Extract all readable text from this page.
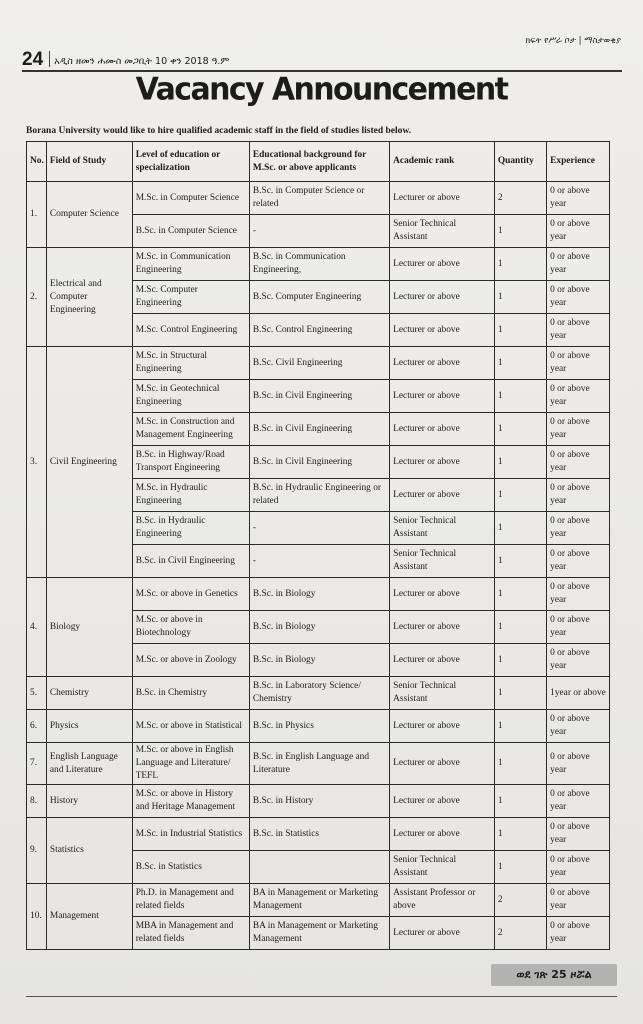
ክፍት የሥራ ቦታ | ማስታወቂያ
24	አዲስ ዘመን ሐሙስ መጋቢት 10 ቀን 2018 ዓ.ም
Vacancy Announcement
Borana University would like to hire qualified academic staff in the field of studies listed below.
No.	Field of Study	Level of education or specialization	Educational background for M.Sc. or above applicants	Academic rank	Quantity	Experience
1.	Computer Science	M.Sc. in Computer Science	B.Sc. in Computer Science or related	Lecturer or above	2	0 or above year
		B.Sc. in Computer Science	-	Senior Technical Assistant	1	0 or above year
2.	Electrical and Computer Engineering	M.Sc. in Communication Engineering	B.Sc. in Communication Engineering,	Lecturer or above	1	0 or above year
		M.Sc. Computer Engineering	B.Sc. Computer Engineering	Lecturer or above	1	0 or above year
		M.Sc. Control Engineering	B.Sc. Control Engineering	Lecturer or above	1	0 or above year
3.	Civil Engineering	M.Sc. in Structural Engineering	B.Sc. Civil Engineering	Lecturer or above	1	0 or above year
		M.Sc. in Geotechnical Engineering	B.Sc. in Civil Engineering	Lecturer or above	1	0 or above year
		M.Sc. in Construction and Management Engineering	B.Sc. in Civil Engineering	Lecturer or above	1	0 or above year
		B.Sc. in Highway/Road Transport Engineering	B.Sc. in Civil Engineering	Lecturer or above	1	0 or above year
		M.Sc. in Hydraulic Engineering	B.Sc. in Hydraulic Engineering or related	Lecturer or above	1	0 or above year
		B.Sc. in Hydraulic Engineering	-	Senior Technical Assistant	1	0 or above year
		B.Sc. in Civil Engineering	-	Senior Technical Assistant	1	0 or above year
4.	Biology	M.Sc. or above in Genetics	B.Sc. in Biology	Lecturer or above	1	0 or above year
		M.Sc. or above in Biotechnology	B.Sc. in Biology	Lecturer or above	1	0 or above year
		M.Sc. or above in Zoology	B.Sc. in Biology	Lecturer or above	1	0 or above year
5.	Chemistry	B.Sc. in Chemistry	B.Sc. in Laboratory Science/ Chemistry	Senior Technical Assistant	1	1year or above
6.	Physics	M.Sc. or above in Statistical	B.Sc. in Physics	Lecturer or above	1	0 or above year
7.	English Language and Literature	M.Sc. or above in English Language and Literature/ TEFL	B.Sc. in English Language and Literature	Lecturer or above	1	0 or above year
8.	History	M.Sc. or above in History and Heritage Management	B.Sc. in History	Lecturer or above	1	0 or above year
9.	Statistics	M.Sc. in Industrial Statistics	B.Sc. in Statistics	Lecturer or above	1	0 or above year
		B.Sc. in Statistics		Senior Technical Assistant	1	0 or above year
10.	Management	Ph.D. in Management and related fields	BA in Management or Marketing Management	Assistant Professor or above	2	0 or above year
		MBA in Management and related fields	BA in Management or Marketing Management	Lecturer or above	2	0 or above year
ወደ ገጽ 25 ዞሯል
